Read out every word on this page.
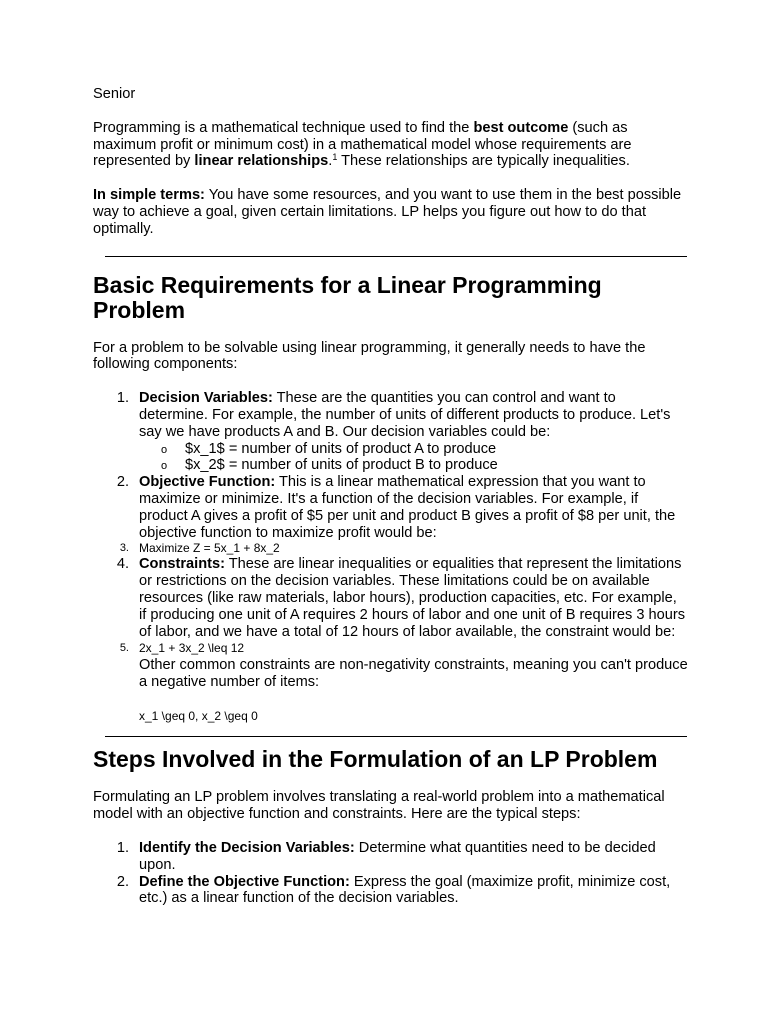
Senior

Programming is a mathematical technique used to find the best outcome (such as maximum profit or minimum cost) in a mathematical model whose requirements are represented by linear relationships.$^1$ These relationships are typically inequalities.

In simple terms: You have some resources, and you want to use them in the best possible way to achieve a goal, given certain limitations. LP helps you figure out how to do that optimally.

Basic Requirements for a Linear Programming Problem

For a problem to be solvable using linear programming, it generally needs to have the following components:

1. Decision Variables: These are the quantities you can control and want to determine. For example, the number of units of different products to produce. Let's say we have products A and B. Our decision variables could be:
o $x_1$ = number of units of product A to produce
o $x_2$ = number of units of product B to produce
2. Objective Function: This is a linear mathematical expression that you want to maximize or minimize. It's a function of the decision variables. For example, if product A gives a profit of $5 per unit and product B gives a profit of $8 per unit, the objective function to maximize profit would be:
3. Maximize Z = 5x_1 + 8x_2
4. Constraints: These are linear inequalities or equalities that represent the limitations or restrictions on the decision variables. These limitations could be on available resources (like raw materials, labor hours), production capacities, etc. For example, if producing one unit of A requires 2 hours of labor and one unit of B requires 3 hours of labor, and we have a total of 12 hours of labor available, the constraint would be:
5. 2x_1 + 3x_2 \leq 12
Other common constraints are non-negativity constraints, meaning you can't produce a negative number of items:

x_1 \geq 0, x_2 \geq 0
Steps Involved in the Formulation of an LP Problem

Formulating an LP problem involves translating a real-world problem into a mathematical model with an objective function and constraints. Here are the typical steps:

1. Identify the Decision Variables: Determine what quantities need to be decided upon.
2. Define the Objective Function: Express the goal (maximize profit, minimize cost, etc.) as a linear function of the decision variables.
